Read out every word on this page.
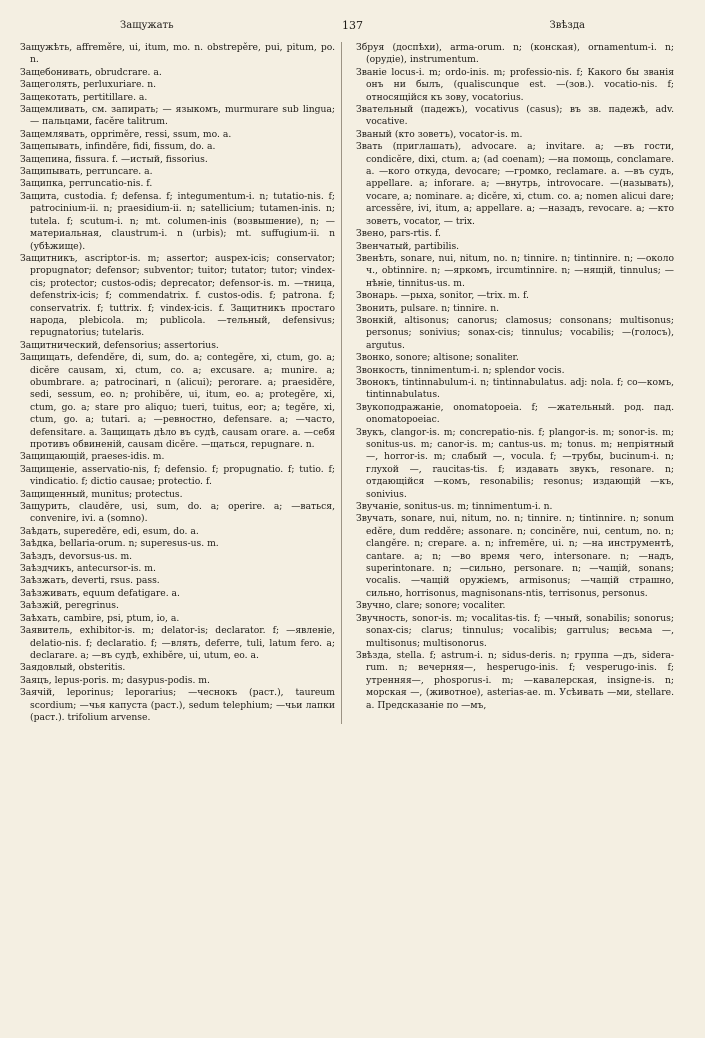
Защужать	137	Звѣзда

Защужѣть, affreměre, ui, itum, mo. n. obstrepěre, pui, pitum, po. n.

Защебонивать, obrudcrare. a.

Защеголять, perluxuriare. n.

Защекотать, pertitillare. a.

Защемливать, см. запирать; — языкомъ, murmurare sub lingua; — пальцами, facĕre talitrum.

Защемлявать, opprimĕre, ressi, ssum, mo. a.

Защепывать, infindĕre, fidi, fissum, do. a.

Защепина, fissura. f. —истый, fissorius.

Защипывать, perruncare. a.

Защипка, perruncatio-nis. f.

Защита, custodia. f; defensa. f; integumentum-i. n; tutatio-nis. f; patrocinium-ii. n; praesidium-ii. n; satellicium; tutamen-inis. n; tutela. f; scutum-i. n; mt. columen-inis (возвышение), n; — материальная, claustrum-i. n (urbis); mt. suffugium-ii. n (убѣжище).

Защитникъ, ascriptor-is. m; assertor; auspex-icis; conservator; propugnator; defensor; subventor; tuitor; tutator; tutor; vindex-cis; protector; custos-odis; deprecator; defensor-is. m. —тница, defenstrix-icis; f; commendatrix. f. custos-odis. f; patrona. f; conservatrix. f; tuttrix. f; vindex-icis. f. Защитникъ простаго народа, plebicola. m; publicola. —тельный, defensivus; repugnatorius; tutelaris.

Защитнический, defensorius; assertorius.

Защищать, defendĕre, di, sum, do. a; contegĕre, xi, ctum, go. a; dicĕre causam, xi, ctum, co. a; excusare. a; munire. a; obumbrare. a; patrocinari, n (alicui); perorare. a; praesidĕre, sedi, sessum, eo. n; prohibĕre, ui, itum, eo. a; protegĕre, xi, ctum, go. a; stare pro aliquo; tueri, tuitus, eor; a; tegĕre, xi, ctum, go. a; tutari. a; —ревностно, defensare. a; —часто, defensitare. a. Защищать дѣло въ судѣ, causam orare. a. —себя противъ обвиненій, causam dicĕre. —щаться, repugnare. n.

Защищающій, praeses-idis. m.

Защищеніе, asservatio-nis, f; defensio. f; propugnatio. f; tutio. f; vindicatio. f; dictio causae; protectio. f.

Защищенный, munitus; protectus.

Защурить, claudĕre, usi, sum, do. a; operire. a; —ваться, convenire, ivi. a (somno).

Заѣдать, superedĕre, edi, esum, do. a.

Заѣдка, bellaria-orum. n; superesus-us. m.

Заѣздъ, devorsus-us. m.

Заѣздчикъ, antecursor-is. m.

Заѣзжать, deverti, rsus. pass.

Заѣзживать, equum defatigare. a.

Заѣзжій, peregrinus.

Заѣхать, cambire, psi, ptum, io, a.

Заявитель, exhibitor-is. m; delator-is; declarator. f; —явленіе, delatio-nis. f; declaratio. f; —влять, deferre, tuli, latum fero. a; declarare. a; —въ судѣ, exhibĕre, ui, utum, eo. a.

Заядовлый, obsteritis.

Заяцъ, lepus-poris. m; dasypus-podis. m.

Заячій, leporinus; leporarius; —чеснокъ (раст.), taureum scordium; —чья капуста (раст.), sedum telephium; —чьи лапки (раст.). trifolium arvense.

Збруя (доспѣхи), arma-orum. n; (конская), ornamentum-i. n; (орудіе), instrumentum.

Званіе locus-i. m; ordo-inis. m; professio-nis. f; Какого бы званія онъ ни былъ, (qualiscunque est. —(зов.). vocatio-nis. f; относящійся къ зову, vocatorius.

Звательный (падежъ), vocativus (casus); въ зв. падежѣ, adv. vocative.

Званый (кто зоветъ), vocator-is. m.

Звать (приглашать), advocare. a; invitare. a; —въ гости, condicĕre, dixi, ctum. a; (ad coenam); —на помощь, conclamare. a. —кого откуда, devocare; —громко, reclamare. a. —въ судъ, appellare. a; inforare. a; —внутрь, introvocare. —(называть), vocare, a; nominare. a; dicĕre, xi, ctum. co. a; nomen alicui dare; arcessĕre, ivi, itum, a; appellare. a; —назадъ, revocare. a; —кто зоветъ, vocator, — trix.

Звено, pars-rtis. f.

Звенчатый, partibilis.

Звенѣть, sonare, nui, nitum, no. n; tinnire. n; tintinnire. n; —около ч., obtinnire. n; —яркомъ, ircumtinnire. n; —нящій, tinnulus; —нѣніе, tinnitus-us. m.

Звонарь. —рыха, sonitor, —trix. m. f.

Звонить, pulsare. n; tinnire. n.

Звонкій, altisonus; canorus; clamosus; consonans; multisonus; personus; sonivius; sonax-cis; tinnulus; vocabilis; —(голосъ), argutus.

Звонко, sonore; altisone; sonaliter.

Звонкость, tinnimentum-i. n; splendor vocis.

Звонокъ, tintinnabulum-i. n; tintinnabulatus. adj: nola. f; со—комъ, tintinnabulatus.

Звукоподражаніе, onomatopoeia. f; —жательный. род. пад. onomatopoeiac.

Звукъ, clangor-is. m; concrepatio-nis. f; plangor-is. m; sonor-is. m; sonitus-us. m; canor-is. m; cantus-us. m; tonus. m; непріятный —, horror-is. m; слабый —, vocula. f; —трубы, bucinum-i. n; глухой —, raucitas-tis. f; издавать звукъ, resonare. n; отдающійся —комъ, resonabilis; resonus; издающій —къ, sonivius.

Звучаніе, sonitus-us. m; tinnimentum-i. n.

Звучать, sonare, nui, nitum, no. n; tinnire. n; tintinnire. n; sonum edĕre, dum reddĕre; assonare. n; concinĕre, nui, centum, no. n; clangĕre. n; crepare. a. n; infremĕre, ui. n; —на инструментѣ, cantare. a; n; —во время чего, intersonare. n; —надъ, superintonare. n; —сильно, personare. n; —чащій, sonans; vocalis. —чащій оружіемъ, armisonus; —чащій страшно, сильно, horrisonus, magnisonans-ntis, terrisonus, personus.

Звучно, clare; sonore; vocaliter.

Звучность, sonor-is. m; vocalitas-tis. f; —чный, sonabilis; sonorus; sonax-cis; clarus; tinnulus; vocalibis; garrulus; весьма —, multisonus; multisonorus.

Звѣзда, stella. f; astrum-i. n; sidus-deris. n; группа —дъ, sidera-rum. n; вечерняя—, hesperugo-inis. f; vesperugo-inis. f; утренняя—, phosporus-i. m; —кавалерская, insigne-is. n; морская —, (животное), asterias-ae. m. Усѣивать —ми, stellare. a. Предсказаніе по —мъ,
